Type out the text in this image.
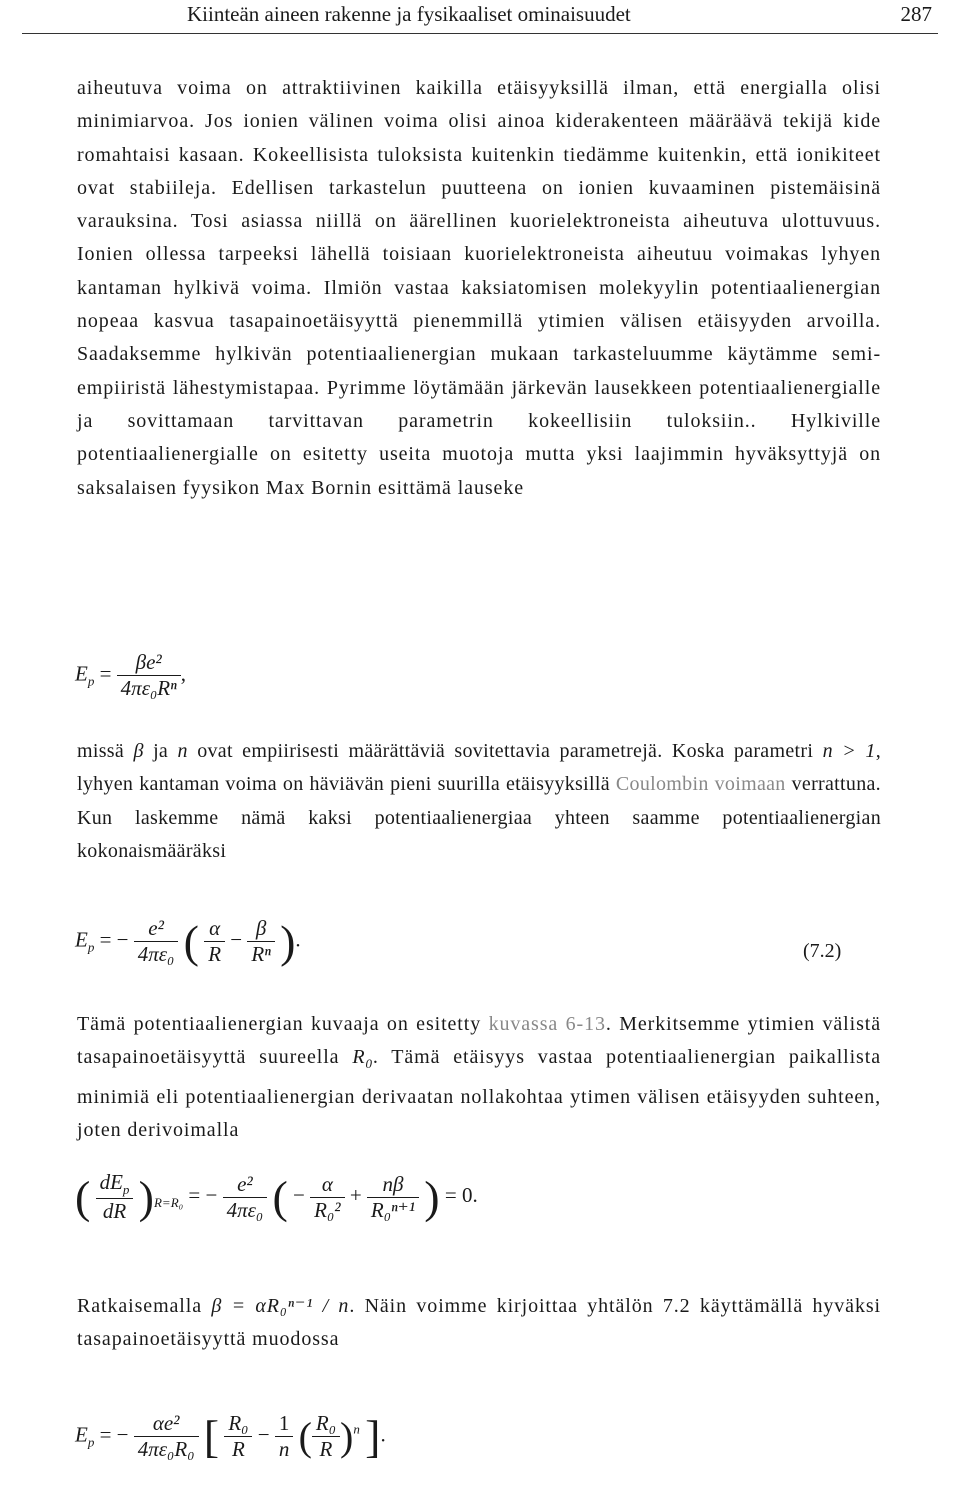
Kiinteän aineen rakenne ja fysikaaliset ominaisuudet	287

aiheutuva voima on attraktiivinen kaikilla etäisyyksillä ilman, että energialla olisi minimiarvoa. Jos ionien välinen voima olisi ainoa kiderakenteen määräävä tekijä kide romahtaisi kasaan. Kokeellisista tuloksista kuitenkin tiedämme kuitenkin, että ionikiteet ovat stabiileja. Edellisen tarkastelun puutteena on ionien kuvaaminen pistemäisinä varauksina. Tosi asiassa niillä on äärellinen kuorielektroneista aiheutuva ulottuvuus. Ionien ollessa tarpeeksi lähellä toisiaan kuorielektroneista aiheutuu voimakas lyhyen kantaman hylkivä voima. Ilmiön vastaa kaksiatomisen molekyylin potentiaalienergian nopeaa kasvua tasapainoetäisyyttä pienemmillä ytimien välisen etäisyyden arvoilla. Saadaksemme hylkivän potentiaalienergian mukaan tarkasteluumme käytämme semi-empiiristä lähestymistapaa. Pyrimme löytämään järkevän lausekkeen potentiaalienergialle ja sovittamaan tarvittavan parametrin kokeellisiin tuloksiin.. Hylkiville potentiaalienergialle on esitetty useita muotoja mutta yksi laajimmin hyväksyttyjä on saksalaisen fyysikon Max Bornin esittämä lauseke

$E_p = \frac{\text{βe²}}{\text{4πε₀Rⁿ}}$ ,

missä β ja n ovat empiirisesti määrättäviä sovitettavia parametrejä. Koska parametri n > 1, lyhyen kantaman voima on häviävän pieni suurilla etäisyyksillä Coulombin voimaan verrattuna. Kun laskemme nämä kaksi potentiaalienergiaa yhteen saamme potentiaalienergian kokonaismääräksi

$E_p$ = − $\frac{\text{e²}}{\text{4πε₀}}$ ( $\frac{\alpha}{R} - \frac{\beta}{\text{Rⁿ}}$ ).	(7.2)

Tämä potentiaalienergian kuvaaja on esitetty kuvassa 6-13. Merkitsemme ytimien välistä tasapainoetäisyyttä suureella $R_0$. Tämä etäisyys vastaa potentiaalienergian paikallista minimiä eli potentiaalienergian derivaatan nollakohtaa ytimen välisen etäisyyden suhteen, joten derivoimalla

( $\frac{dE_p}{dR} )_{R=R_0}$ = − $\frac{\text{e²}}{\text{4πε₀}}$ ( − $\frac{\alpha}{\text{R₀²}} + \frac{n\beta}{\text{R₀ⁿ⁺¹}}$ ) = 0.

Ratkaisemalla β = αR₀ⁿ⁻¹ / n. Näin voimme kirjoittaa yhtälön 7.2 käyttämällä hyväksi tasapainoetäisyyttä muodossa

$E_p$ = − $\frac{\text{αe²}}{\text{4πε₀R₀}}$ [ $\frac{\text{R₀}}{R} - \frac{1}{n}$ ( $\frac{\text{R₀}}{R} )^n$ ].
